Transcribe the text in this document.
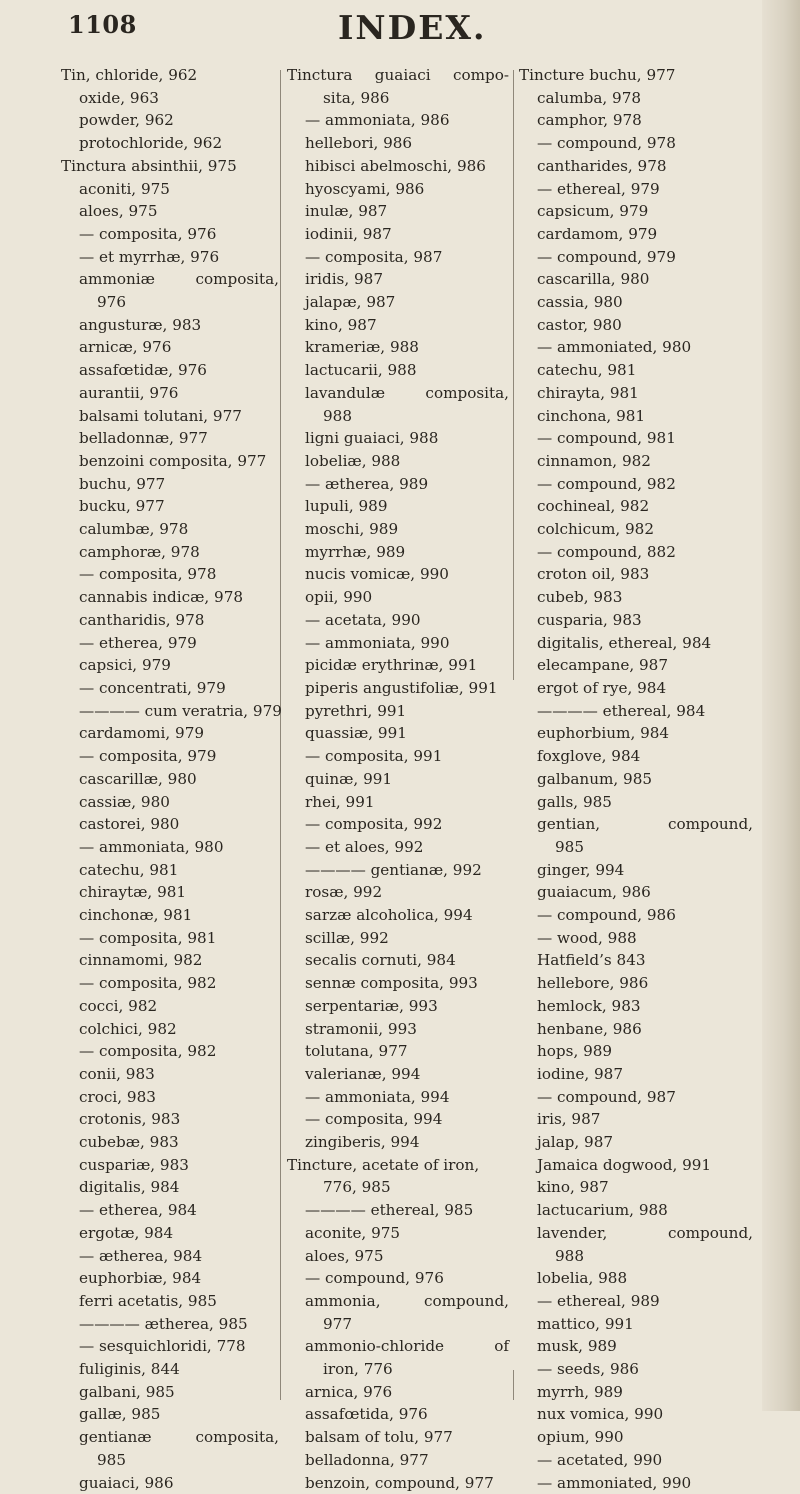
1108	INDEX.
Tin, chloride, 962
oxide, 963
powder, 962
protochloride, 962
Tinctura absinthii, 975
aconiti, 975
aloes, 975
— composita, 976
— et myrrhæ, 976
ammoniæ composita,
976
angusturæ, 983
arnicæ, 976
assafœtidæ, 976
aurantii, 976
balsami tolutani, 977
belladonnæ, 977
benzoini composita, 977
buchu, 977
bucku, 977
calumbæ, 978
camphoræ, 978
— composita, 978
cannabis indicæ, 978
cantharidis, 978
— etherea, 979
capsici, 979
— concentrati, 979
———— cum veratria, 979
cardamomi, 979
— composita, 979
cascarillæ, 980
cassiæ, 980
castorei, 980
— ammoniata, 980
catechu, 981
chiraytæ, 981
cinchonæ, 981
— composita, 981
cinnamomi, 982
— composita, 982
cocci, 982
colchici, 982
— composita, 982
conii, 983
croci, 983
crotonis, 983
cubebæ, 983
cuspariæ, 983
digitalis, 984
— etherea, 984
ergotæ, 984
— ætherea, 984
euphorbiæ, 984
ferri acetatis, 985
———— ætherea, 985
— sesquichloridi, 778
fuliginis, 844
galbani, 985
gallæ, 985
gentianæ composita,
985
guaiaci, 986
Tinctura guaiaci compo-
sita, 986
— ammoniata, 986
hellebori, 986
hibisci abelmoschi, 986
hyoscyami, 986
inulæ, 987
iodinii, 987
— composita, 987
iridis, 987
jalapæ, 987
kino, 987
krameriæ, 988
lactucarii, 988
lavandulæ composita,
988
ligni guaiaci, 988
lobeliæ, 988
— ætherea, 989
lupuli, 989
moschi, 989
myrrhæ, 989
nucis vomicæ, 990
opii, 990
— acetata, 990
— ammoniata, 990
picidæ erythrinæ, 991
piperis angustifoliæ, 991
pyrethri, 991
quassiæ, 991
— composita, 991
quinæ, 991
rhei, 991
— composita, 992
— et aloes, 992
———— gentianæ, 992
rosæ, 992
sarzæ alcoholica, 994
scillæ, 992
secalis cornuti, 984
sennæ composita, 993
serpentariæ, 993
stramonii, 993
tolutana, 977
valerianæ, 994
— ammoniata, 994
— composita, 994
zingiberis, 994
Tincture, acetate of iron,
776, 985
———— ethereal, 985
aconite, 975
aloes, 975
— compound, 976
ammonia, compound,
977
ammonio-chloride of
iron, 776
arnica, 976
assafœtida, 976
balsam of tolu, 977
belladonna, 977
benzoin, compound, 977
Tincture buchu, 977
calumba, 978
camphor, 978
— compound, 978
cantharides, 978
— ethereal, 979
capsicum, 979
cardamom, 979
— compound, 979
cascarilla, 980
cassia, 980
castor, 980
— ammoniated, 980
catechu, 981
chirayta, 981
cinchona, 981
— compound, 981
cinnamon, 982
— compound, 982
cochineal, 982
colchicum, 982
— compound, 882
croton oil, 983
cubeb, 983
cusparia, 983
digitalis, ethereal, 984
elecampane, 987
ergot of rye, 984
———— ethereal, 984
euphorbium, 984
foxglove, 984
galbanum, 985
galls, 985
gentian, compound,
985
ginger, 994
guaiacum, 986
— compound, 986
— wood, 988
Hatfield’s 843
hellebore, 986
hemlock, 983
henbane, 986
hops, 989
iodine, 987
— compound, 987
iris, 987
jalap, 987
Jamaica dogwood, 991
kino, 987
lactucarium, 988
lavender, compound,
988
lobelia, 988
— ethereal, 989
mattico, 991
musk, 989
— seeds, 986
myrrh, 989
nux vomica, 990
opium, 990
— acetated, 990
— ammoniated, 990
